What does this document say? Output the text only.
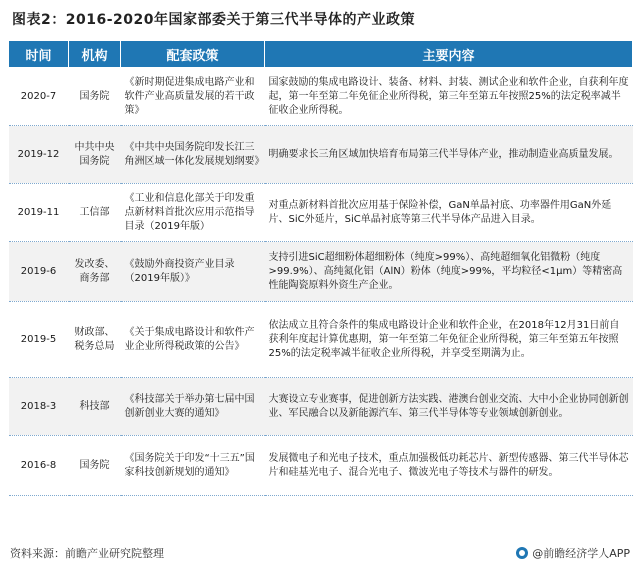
图表2：2016-2020年国家部委关于第三代半导体的产业政策
时间	机构	配套政策	主要内容
2020-7	国务院	《新时期促进集成电路产业和软件产业高质量发展的若干政策》	国家鼓励的集成电路设计、装备、材料、封装、测试企业和软件企业，自获利年度起，第一年至第二年免征企业所得税，第三年至第五年按照25%的法定税率减半征收企业所得税。
2019-12	中共中央国务院	《中共中央国务院印发长江三角洲区域一体化发展规划纲要》	明确要求长三角区域加快培育布局第三代半导体产业，推动制造业高质量发展。
2019-11	工信部	《工业和信息化部关于印发重点新材料首批次应用示范指导目录（2019年版）	对重点新材料首批次应用基于保险补偿，GaN单晶衬底、功率器件用GaN外延片、SiC外延片，SiC单晶衬底等第三代半导体产品进入目录。
2019-6	发改委、商务部	《鼓励外商投资产业目录（2019年版）》	支持引进SiC超细粉体超细粉体（纯度>99%）、高纯超细氧化铝微粉（纯度>99.9%）、高纯氮化铝（AlN）粉体（纯度>99%，平均粒径<1μm）等精密高性能陶瓷原料外资生产企业。
2019-5	财政部、税务总局	《关于集成电路设计和软件产业企业所得税政策的公告》	依法成立且符合条件的集成电路设计企业和软件企业，在2018年12月31日前自获利年度起计算优惠期，第一年至第二年免征企业所得税，第三年至第五年按照25%的法定税率减半征收企业所得税，并享受至期满为止。
2018-3	科技部	《科技部关于举办第七届中国创新创业大赛的通知》	大赛设立专业赛事，促进创新方法实践、港澳台创业交流、大中小企业协同创新创业、军民融合以及新能源汽车、第三代半导体等专业领域创新创业。
2016-8	国务院	《国务院关于印发“十三五”国家科技创新规划的通知》	发展微电子和光电子技术，重点加强极低功耗芯片、新型传感器、第三代半导体芯片和硅基光电子、混合光电子、微波光电子等技术与器件的研发。
资料来源：前瞻产业研究院整理	@前瞻经济学人APP
